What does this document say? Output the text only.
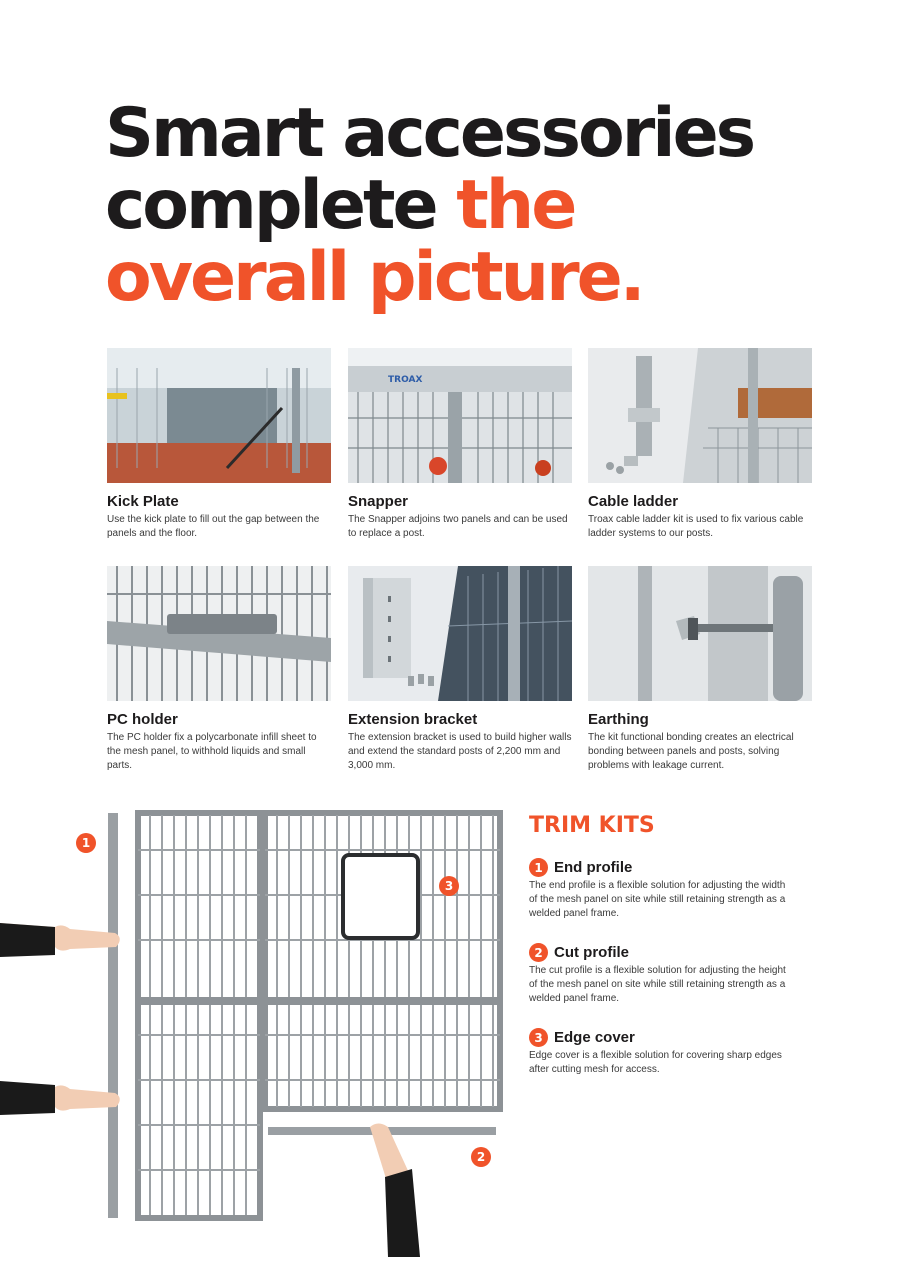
Smart accessories
complete the
overall picture.
Kick Plate

Use the kick plate to fill out the gap between the panels and the floor.

TROAX
Snapper

The Snapper adjoins two panels and can be used to replace a post.

Cable ladder

Troax cable ladder kit is used to fix various cable ladder systems to our posts.

PC holder

The PC holder fix a polycarbonate infill sheet to the mesh panel, to withhold liquids and small parts.

Extension bracket

The extension bracket is used to build higher walls and extend the standard posts of 2,200 mm and 3,000 mm.

Earthing

The kit functional bonding creates an electrical bonding between panels and posts, solving problems with leakage current.

1
2
3
TRIM KITS
1 End profile

The end profile is a flexible solution for adjusting the width of the mesh panel on site while still retaining strength as a welded panel frame.

2 Cut profile

The cut profile is a flexible solution for adjusting the height of the mesh panel on site while still retaining strength as a welded panel frame.

3 Edge cover

Edge cover is a flexible solution for covering sharp edges after cutting mesh for access.
